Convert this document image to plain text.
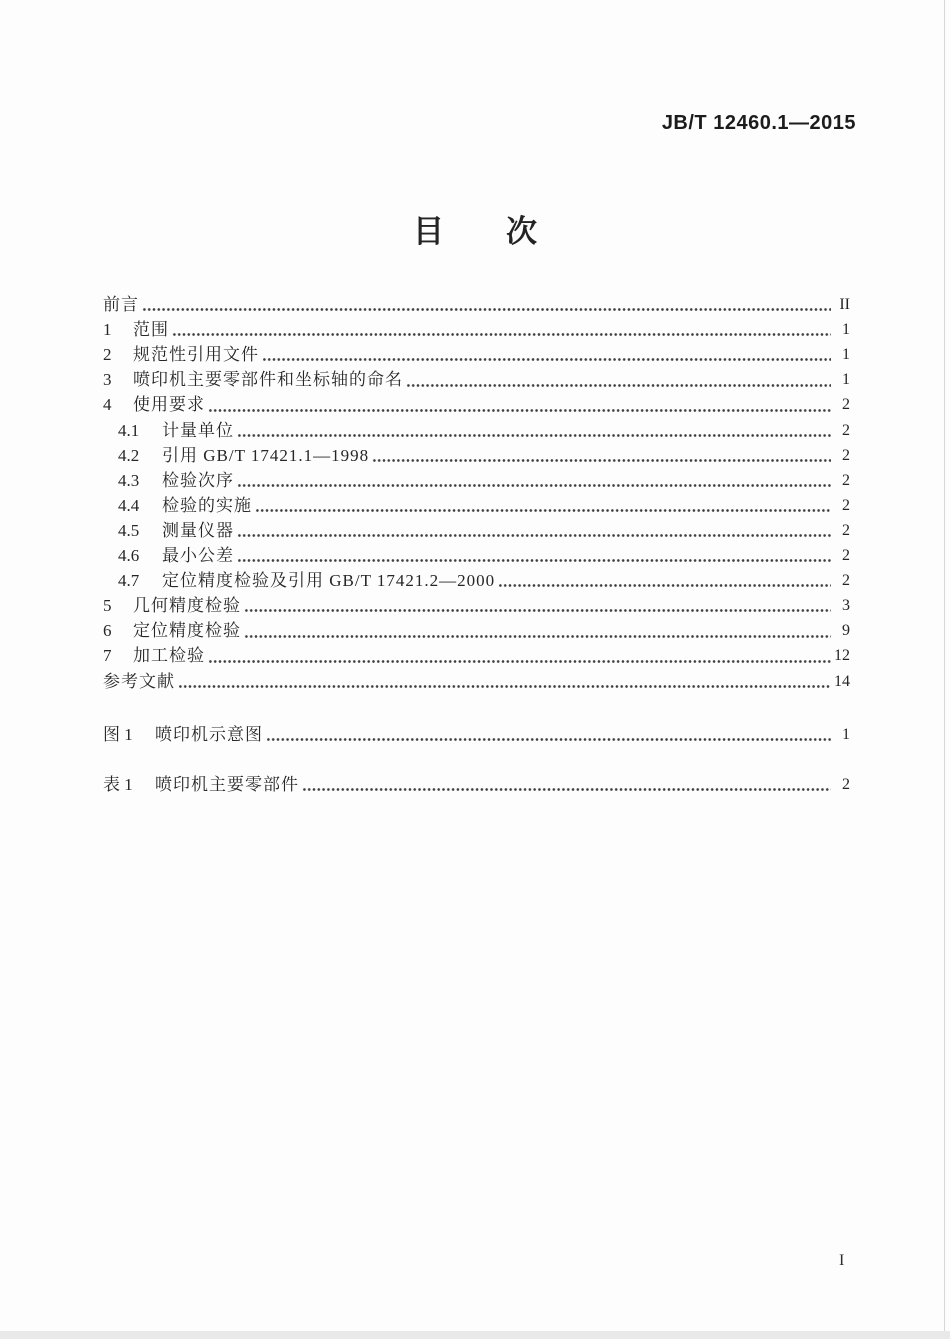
JB/T 12460.1—2015
目　　次
前言	II
1	范围	1
2	规范性引用文件	1
3	喷印机主要零部件和坐标轴的命名	1
4	使用要求	2
4.1	计量单位	2
4.2	引用 GB/T 17421.1—1998	2
4.3	检验次序	2
4.4	检验的实施	2
4.5	测量仪器	2
4.6	最小公差	2
4.7	定位精度检验及引用 GB/T 17421.2—2000	2
5	几何精度检验	3
6	定位精度检验	9
7	加工检验	12
参考文献	14
图 1	喷印机示意图	1
表 1	喷印机主要零部件	2
I
